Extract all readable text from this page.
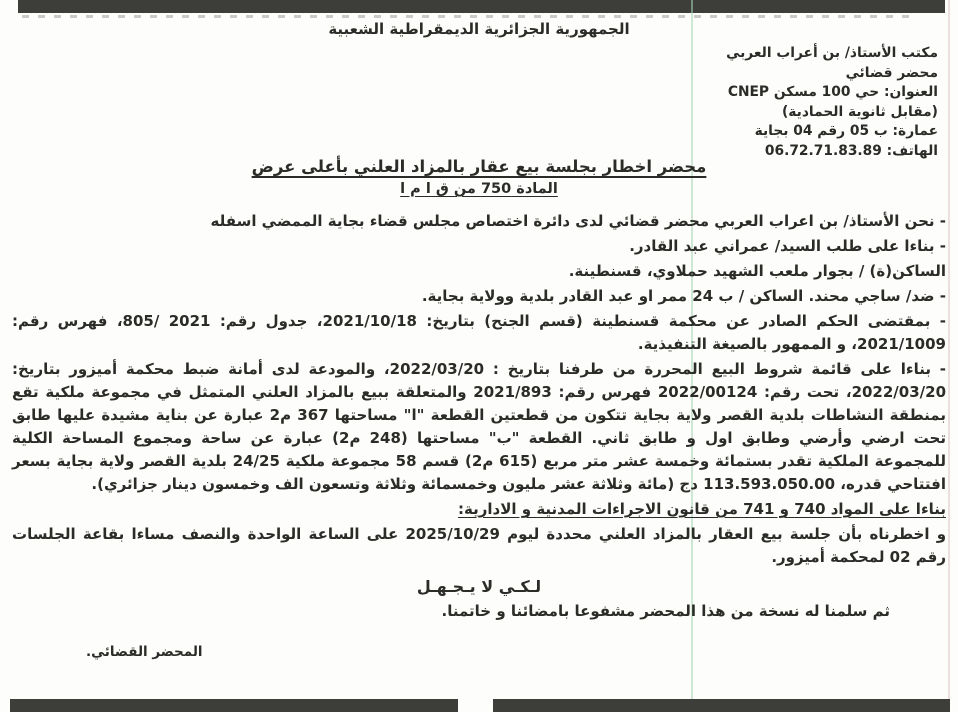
الجمهورية الجزائرية الديمقراطية الشعبية
مكتب الأستاذ/ بن أعراب العربي
محضر قضائي
العنوان: حي 100 مسكن CNEP
(مقابل ثانوية الحمادية)
عمارة: ب 05 رقم 04 بجاية
الهاتف: 06.72.71.83.89
محضر اخطار بجلسة بيع عقار بالمزاد العلني بأعلى عرض
المادة 750 من ق ا م ا

- نحن الأستاذ/ بن اعراب العربي محضر قضائي لدى دائرة اختصاص مجلس قضاء بجاية الممضي اسفله

- بناءا على طلب السيد/ عمراني عبد القادر.

الساكن(ة) / بجوار ملعب الشهيد حملاوي، قسنطينة.

- ضد/ ساجي محند. الساكن / ب 24 ممر او عبد القادر بلدية وولاية بجاية.

- بمقتضى الحكم الصادر عن محكمة قسنطينة (قسم الجنح) بتاريخ: 2021/10/18، جدول رقم: ‎805/ 2021‎، فهرس رقم: 2021/1009، و الممهور بالصيغة التنفيذية.

- بناءا على قائمة شروط البيع المحررة من طرفنا بتاريخ : 2022/03/20، والمودعة لدى أمانة ضبط محكمة أميزور بتاريخ: 2022/03/20، تحت رقم: 2022/00124 فهرس رقم: 2021/893 والمتعلقة ببيع بالمزاد العلني المتمثل في مجموعة ملكية تقع بمنطقة النشاطات بلدية القصر ولاية بجاية تتكون من قطعتين القطعة "ا" مساحتها 367 م2 عبارة عن بناية مشيدة عليها طابق تحت ارضي وأرضي وطابق اول و طابق ثاني. القطعة "ب" مساحتها (248 م2) عبارة عن ساحة ومجموع المساحة الكلية للمجموعة الملكية تقدر بستمائة وخمسة عشر متر مربع (615 م2) قسم 58 مجموعة ملكية 24/25 بلدية القصر ولاية بجاية بسعر افتتاحي قدره، 113.593.050.00 دج (مائة وثلاثة عشر مليون وخمسمائة وثلاثة وتسعون الف وخمسون دينار جزائري).

بناءا على المواد 740 و 741 من قانون الاجراءات المدنية و الادارية:

و اخطرناه بأن جلسة بيع العقار بالمزاد العلني محددة ليوم 2025/10/29 على الساعة الواحدة والنصف مساءا بقاعة الجلسات رقم 02 لمحكمة أميزور.

لـكـي لا يـجـهـل

ثم سلمنا له نسخة من هذا المحضر مشفوعا بامضائنا و خاتمنا.

المحضر القضائي.
